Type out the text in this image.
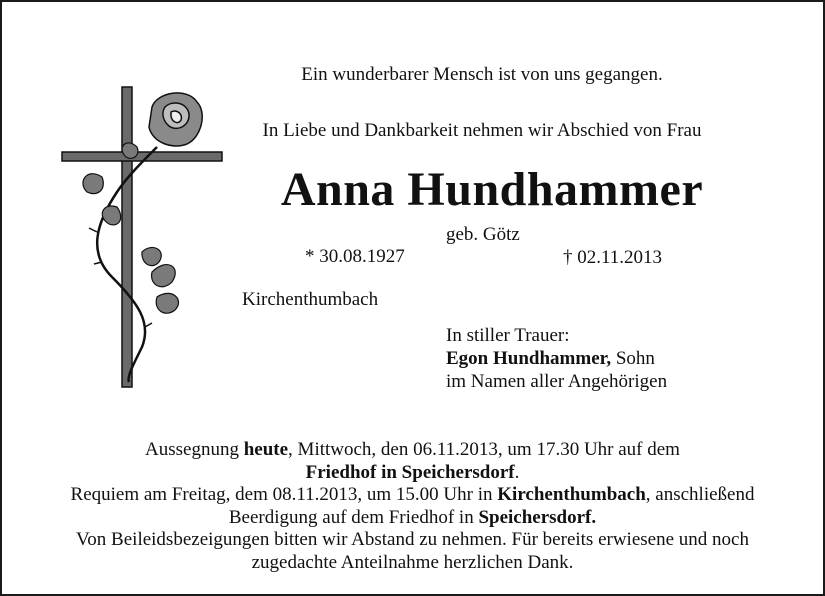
Ein wunderbarer Mensch ist von uns gegangen.
In Liebe und Dankbarkeit nehmen wir Abschied von Frau
Anna Hundhammer
geb. Götz
* 30.08.1927	† 02.11.2013
Kirchenthumbach
In stiller Trauer:
Egon Hundhammer, Sohn
im Namen aller Angehörigen
Aussegnung heute, Mittwoch, den 06.11.2013, um 17.30 Uhr auf dem
Friedhof in Speichersdorf.
Requiem am Freitag, dem 08.11.2013, um 15.00 Uhr in Kirchenthumbach, anschließend
Beerdigung auf dem Friedhof in Speichersdorf.
Von Beileidsbezeigungen bitten wir Abstand zu nehmen. Für bereits erwiesene und noch
zugedachte Anteilnahme herzlichen Dank.
